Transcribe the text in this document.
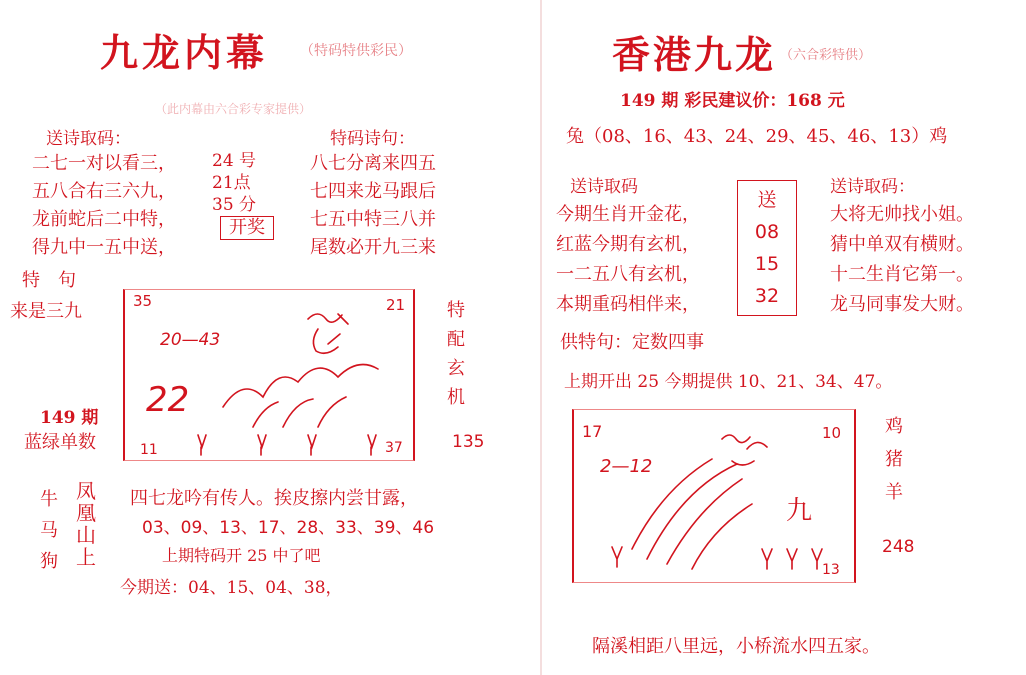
九龙内幕 （特码特供彩民）
（此内幕由六合彩专家提供）
送诗取码：
二七一对以看三，
五八合右三六九，
龙前蛇后二中特，
得九中一五中送，
24 号
21点
35 分
开奖
特码诗句：
八七分离来四五
七四来龙马跟后
七五中特三八并
尾数必开九三来
特　句
来是三九
149 期
蓝绿单数
35	21
20—43
22
11	37
特
配
玄
机
135
牛
马
狗
凤
凰
山
上
四七龙吟有传人。挨皮擦内尝甘露，
03、09、13、17、28、33、39、46
上期特码开 25 中了吧
今期送：04、15、04、38，
香港九龙 （六合彩特供）
149 期 彩民建议价：168 元
兔（08、16、43、24、29、45、46、13）鸡
送诗取码	送诗取码：
今期生肖开金花，
红蓝今期有玄机，
一二五八有玄机，
本期重码相伴来，
送
08
15
32
大将无帅找小姐。
猜中单双有横财。
十二生肖它第一。
龙马同事发大财。
供特句：定数四事
上期开出 25 今期提供 10、21、34、47。
17	10
2—12
九
13
鸡
猪
羊
248
隔溪相距八里远，小桥流水四五家。
